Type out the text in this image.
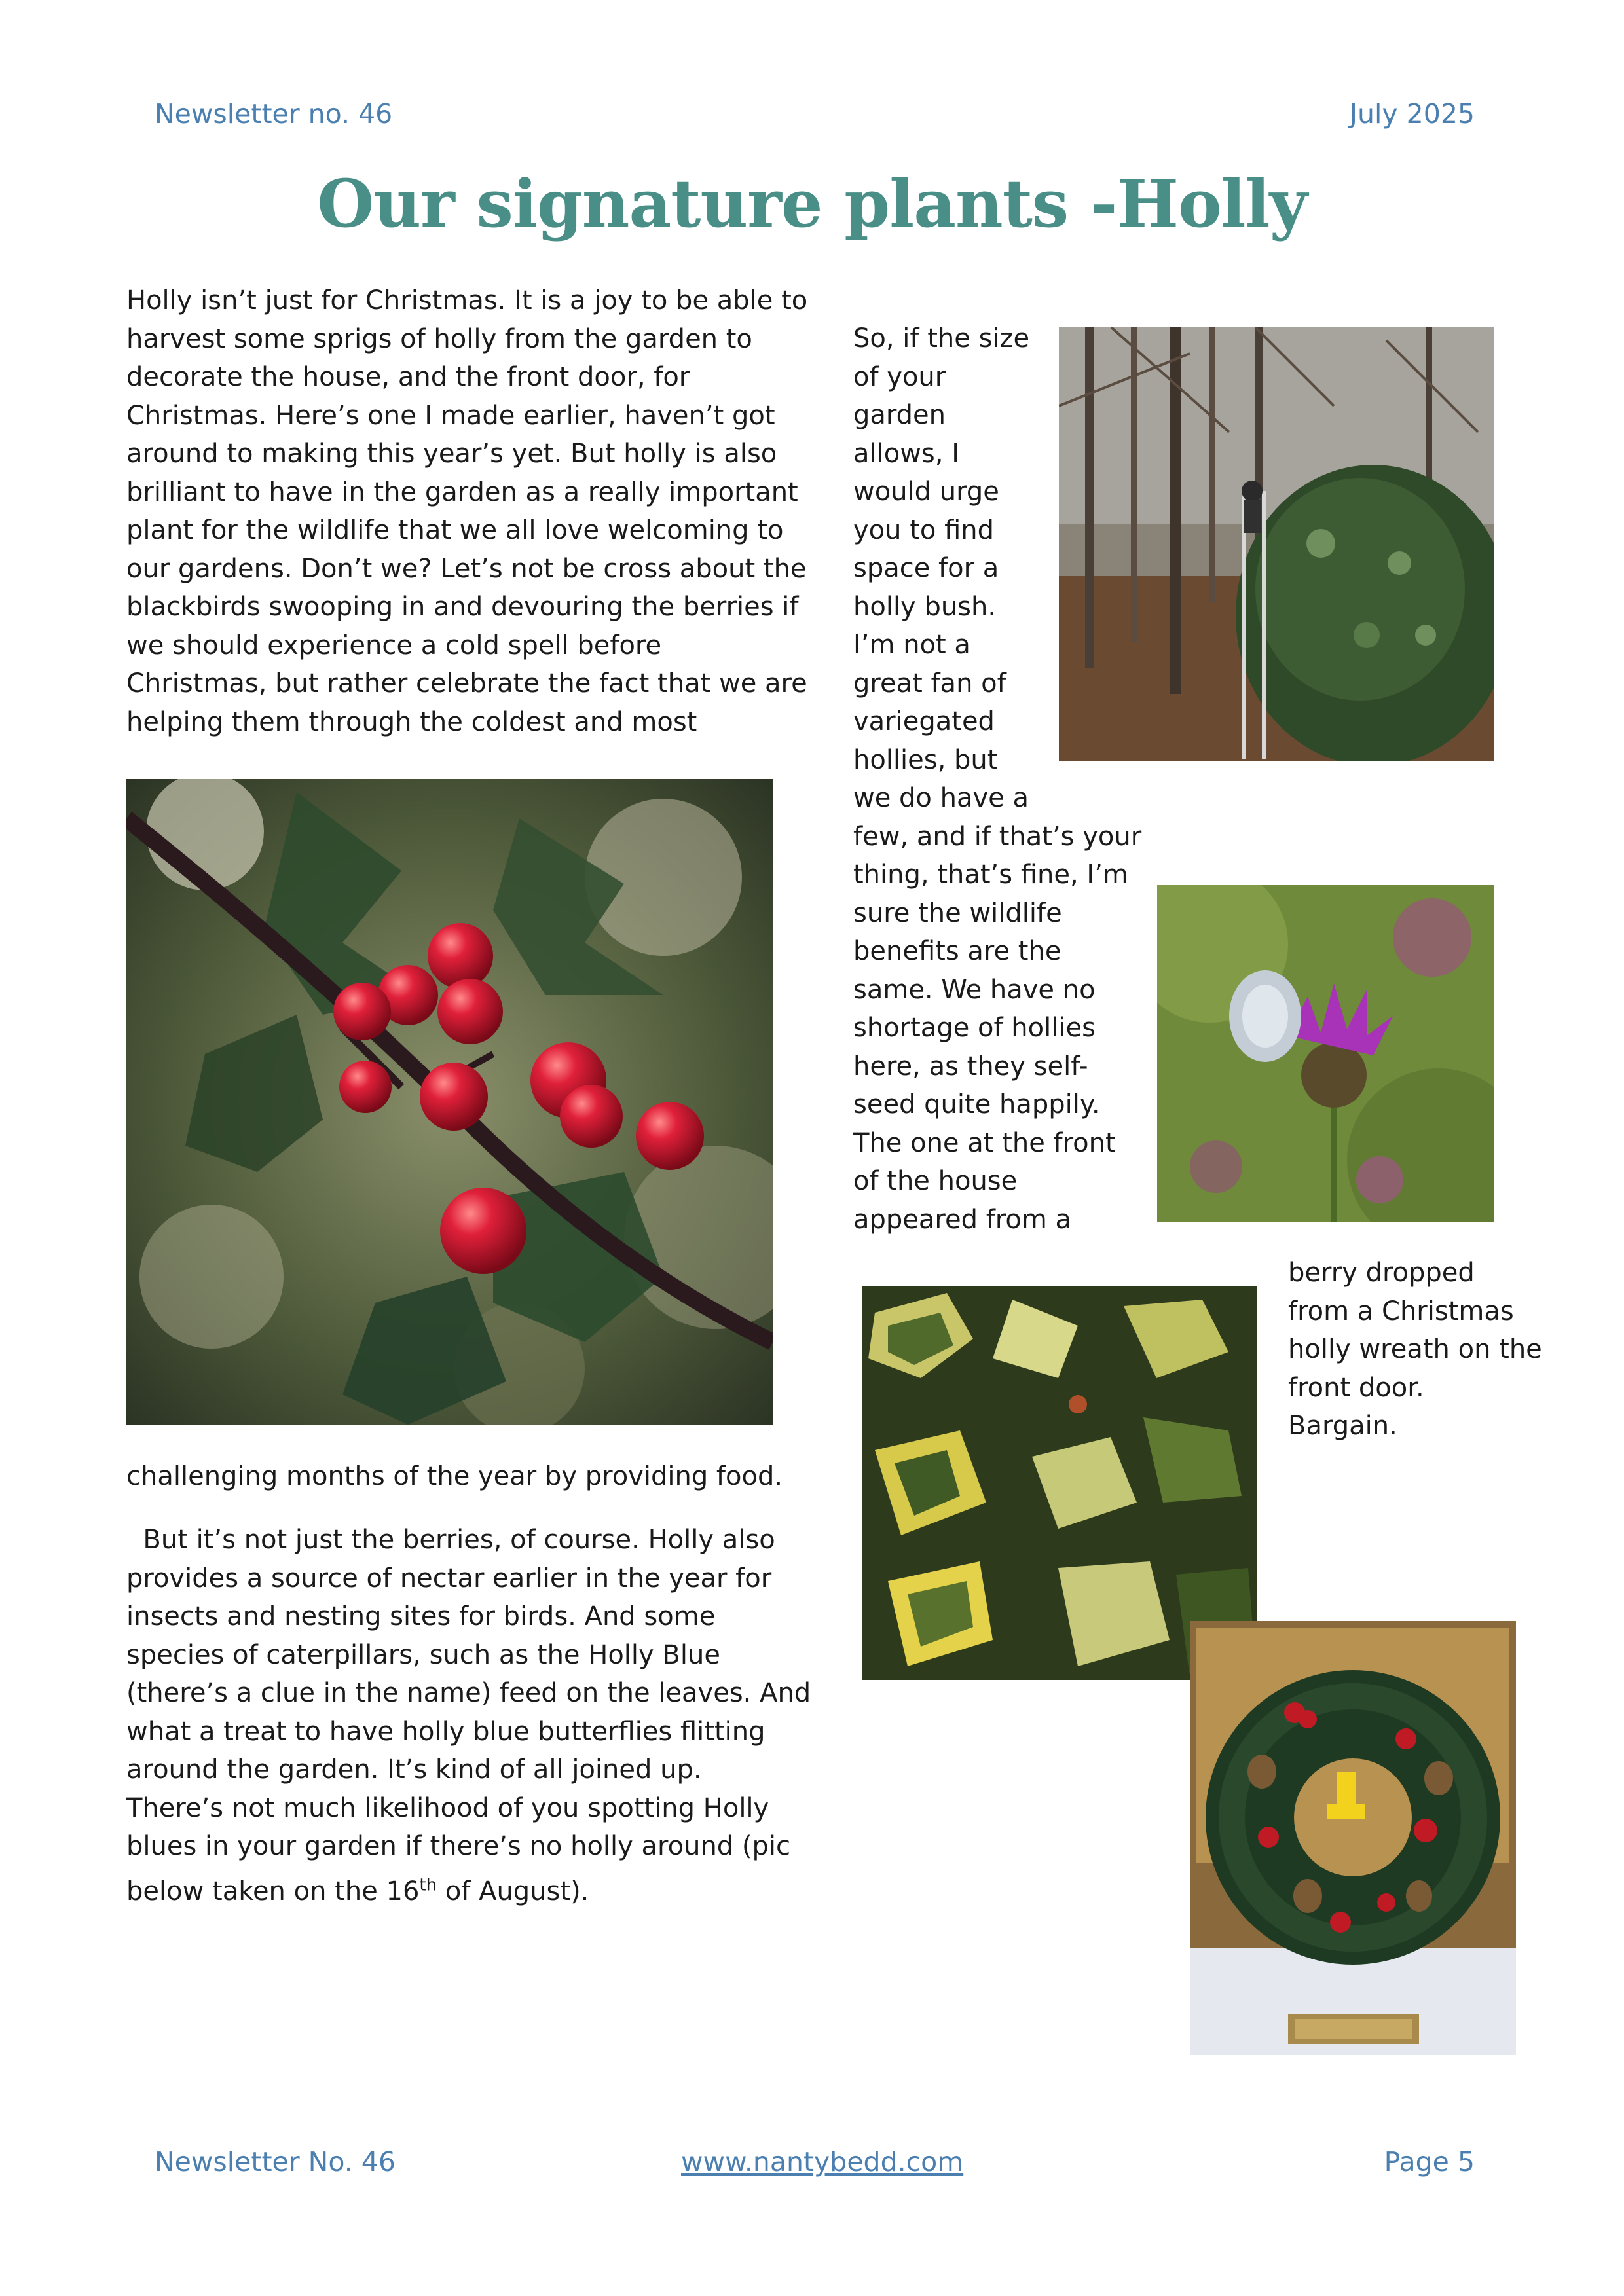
Newsletter no. 46	July 2025
Our signature plants -Holly
Holly isn’t just for Christmas. It is a joy to be able to
harvest some sprigs of holly from the garden to
decorate the house, and the front door, for
Christmas. Here’s one I made earlier, haven’t got
around to making this year’s yet. But holly is also
brilliant to have in the garden as a really important
plant for the wildlife that we all love welcoming to
our gardens. Don’t we? Let’s not be cross about the
blackbirds swooping in and devouring the berries if
we should experience a cold spell before
Christmas, but rather celebrate the fact that we are
helping them through the coldest and most
challenging months of the year by providing food.
But it’s not just the berries, of course. Holly also
provides a source of nectar earlier in the year for
insects and nesting sites for birds. And some
species of caterpillars, such as the Holly Blue
(there’s a clue in the name) feed on the leaves. And
what a treat to have holly blue butterflies flitting
around the garden. It’s kind of all joined up.
There’s not much likelihood of you spotting Holly
blues in your garden if there’s no holly around (pic
below taken on the 16th of August).
So, if the size
of your
garden
allows, I
would urge
you to find
space for a
holly bush.
I’m not a
great fan of
variegated
hollies, but
we do have a
few, and if that’s your
thing, that’s fine, I’m
sure the wildlife
benefits are the
same. We have no
shortage of hollies
here, as they self-
seed quite happily.
The one at the front
of the house
appeared from a
berry dropped
from a Christmas
holly wreath on the
front door.
Bargain.
Newsletter No. 46	www.nantybedd.com	Page 5
